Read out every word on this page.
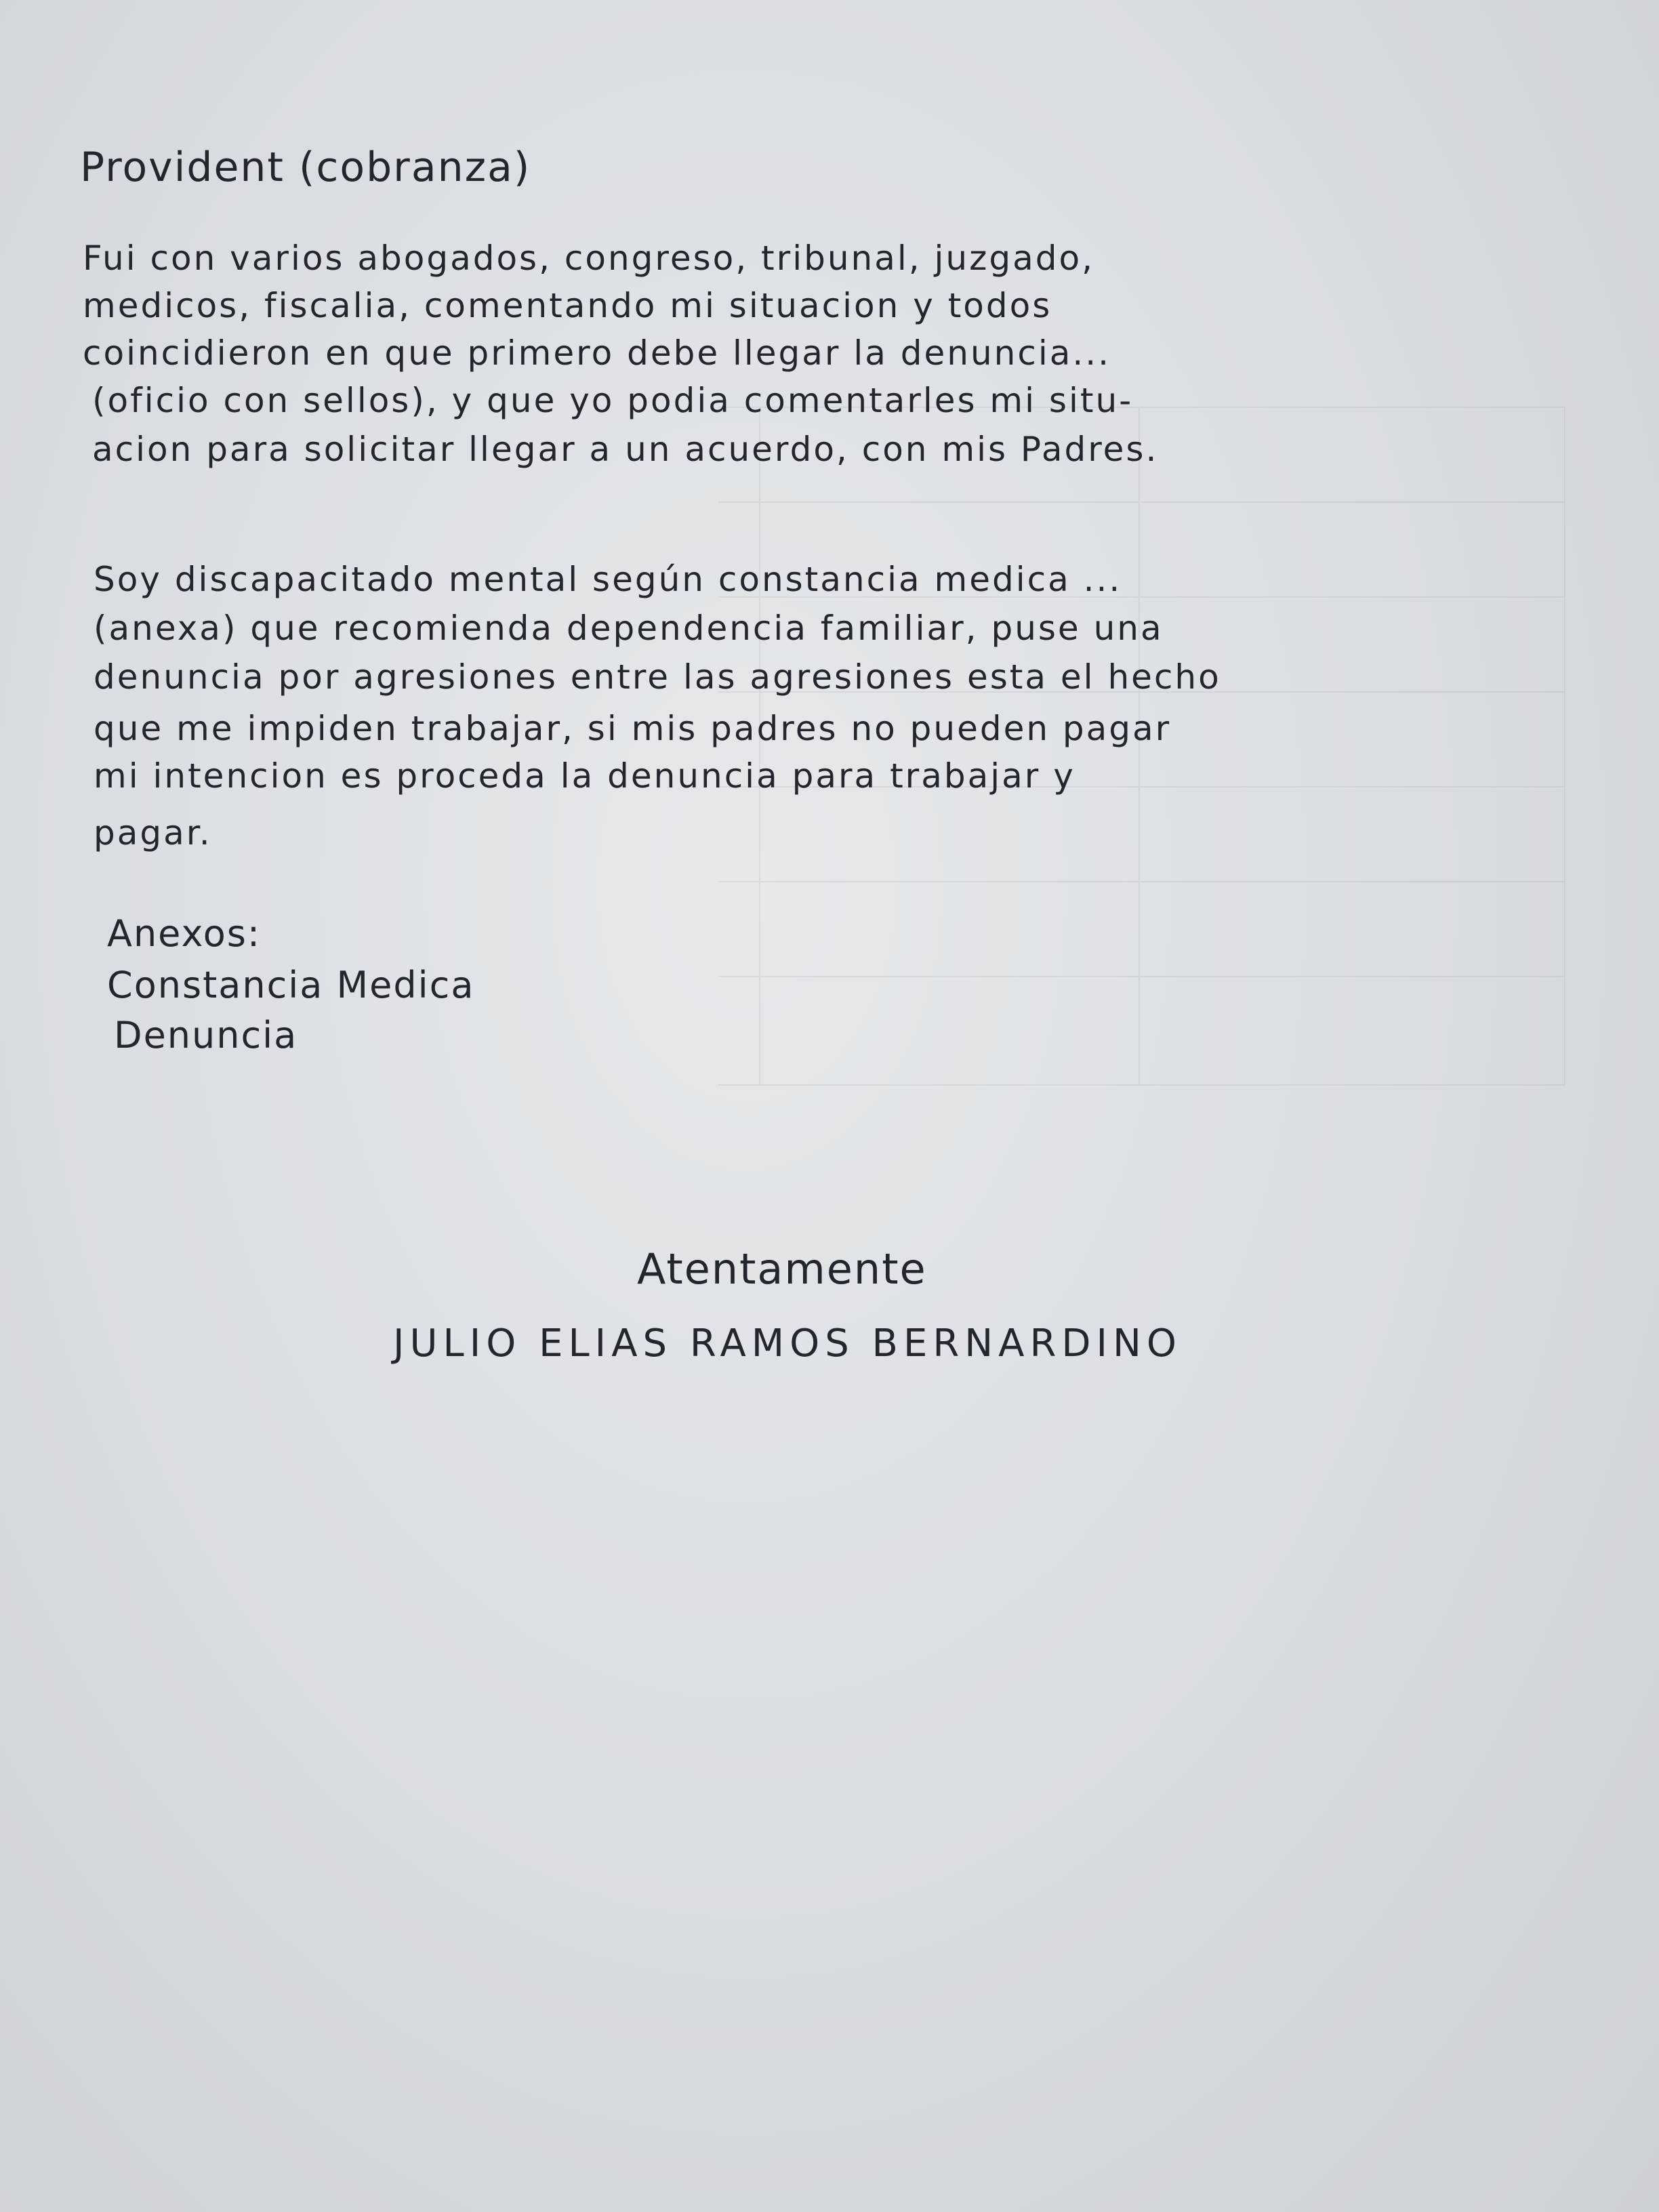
Provident (cobranza)

Fui con varios abogados, congreso, tribunal, juzgado,

medicos, fiscalia, comentando mi situacion y todos

coincidieron en que primero debe llegar la denuncia...

(oficio con sellos), y que yo podia comentarles mi situ-

acion para solicitar llegar a un acuerdo, con mis Padres.

Soy discapacitado mental según constancia medica ...

(anexa) que recomienda dependencia familiar, puse una

denuncia por agresiones entre las agresiones esta el hecho

que me impiden trabajar, si mis padres no pueden pagar

mi intencion es proceda la denuncia para trabajar y

pagar.

Anexos:

Constancia Medica

Denuncia

Atentamente

JULIO ELIAS RAMOS BERNARDINO
